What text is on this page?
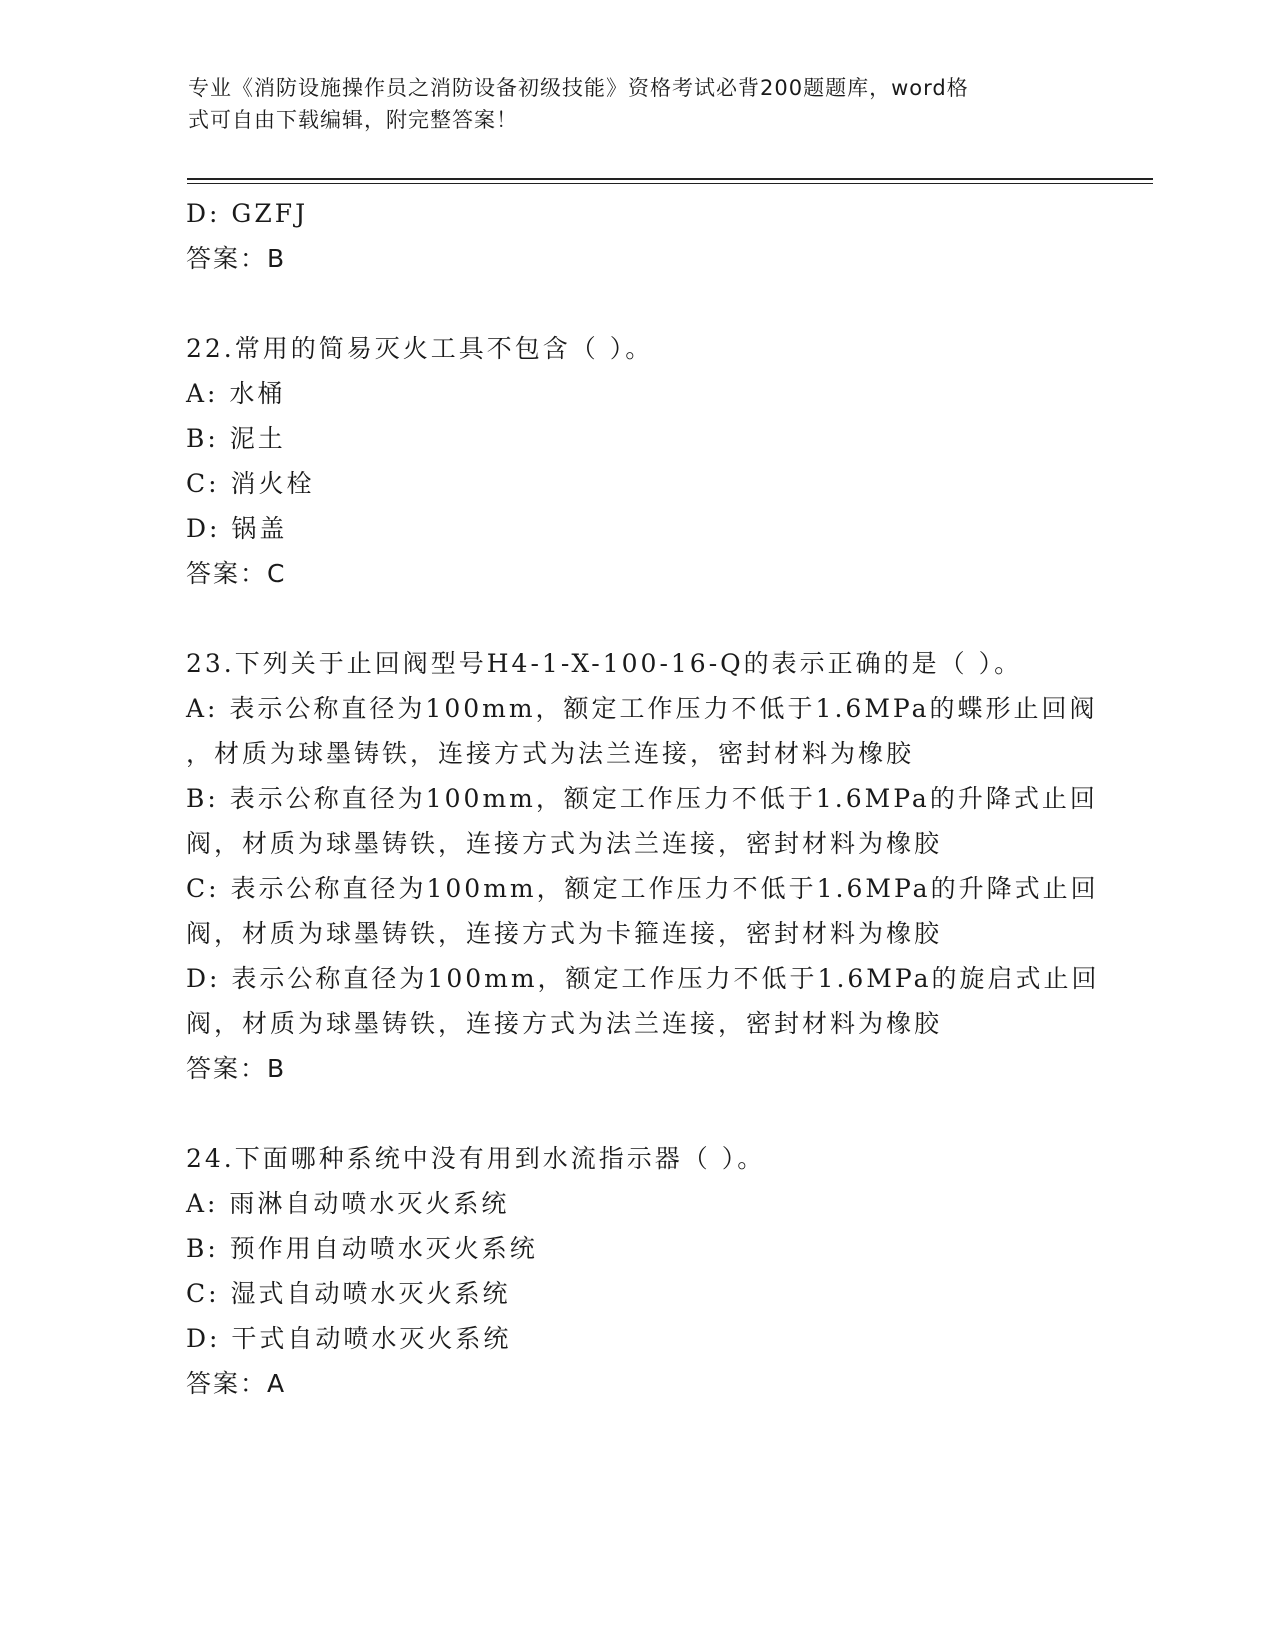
专业《消防设施操作员之消防设备初级技能》资格考试必背200题题库，word格
式可自由下载编辑，附完整答案！
D: GZFJ
答案：B
22.常用的简易灭火工具不包含（ ）。
A: 水桶
B: 泥土
C: 消火栓
D: 锅盖
答案：C
23.下列关于止回阀型号H4-1-X-100-16-Q的表示正确的是（ ）。
A: 表示公称直径为100mm，额定工作压力不低于1.6MPa的蝶形止回阀
，材质为球墨铸铁，连接方式为法兰连接，密封材料为橡胶
B: 表示公称直径为100mm，额定工作压力不低于1.6MPa的升降式止回
阀，材质为球墨铸铁，连接方式为法兰连接，密封材料为橡胶
C: 表示公称直径为100mm，额定工作压力不低于1.6MPa的升降式止回
阀，材质为球墨铸铁，连接方式为卡箍连接，密封材料为橡胶
D: 表示公称直径为100mm，额定工作压力不低于1.6MPa的旋启式止回
阀，材质为球墨铸铁，连接方式为法兰连接，密封材料为橡胶
答案：B
24.下面哪种系统中没有用到水流指示器（ ）。
A: 雨淋自动喷水灭火系统
B: 预作用自动喷水灭火系统
C: 湿式自动喷水灭火系统
D: 干式自动喷水灭火系统
答案：A
